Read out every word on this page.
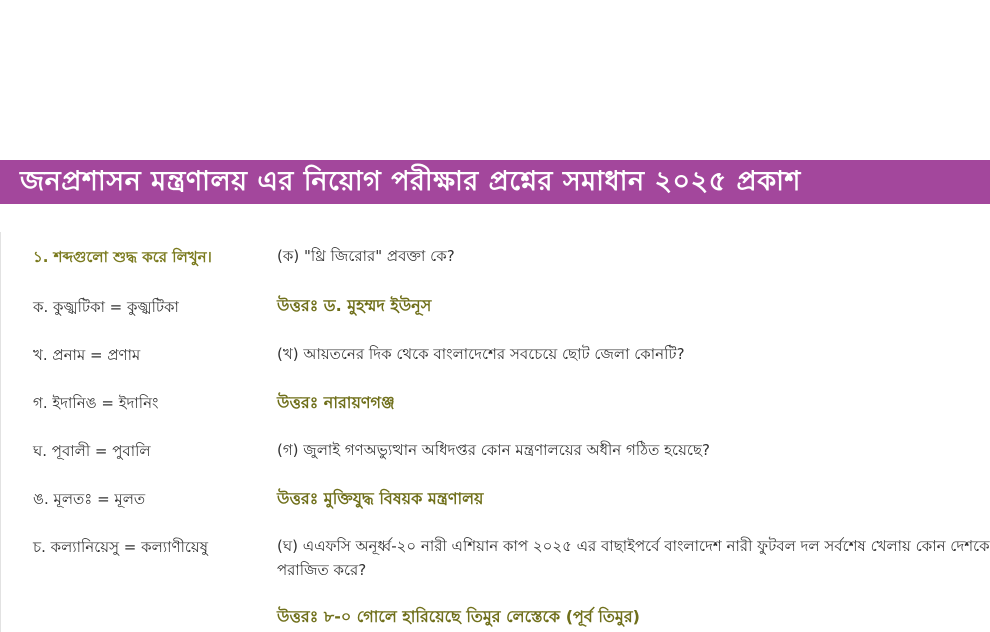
জনপ্রশাসন মন্ত্রণালয় এর নিয়োগ পরীক্ষার প্রশ্নের সমাধান ২০২৫ প্রকাশ
১. শব্দগুলো শুদ্ধ করে লিখুন।
ক. কুজ্ঝটিকা = কুজ্ঝটিকা
খ. প্রনাম = প্রণাম
গ. ইদানিঙ = ইদানিং
ঘ. পূবালী = পুবালি
ঙ. মূলতঃ = মূলত
চ. কল্যানিয়েসু = কল্যাণীয়েষু
(ক) "থ্রি জিরোর" প্রবক্তা কে?
উত্তরঃ ড. মুহম্মদ ইউনূস
(খ) আয়তনের দিক থেকে বাংলাদেশের সবচেয়ে ছোট জেলা কোনটি?
উত্তরঃ নারায়ণগঞ্জ
(গ) জুলাই গণঅভ্যুত্থান অধিদপ্তর কোন মন্ত্রণালয়ের অধীন গঠিত হয়েছে?
উত্তরঃ মুক্তিযুদ্ধ বিষয়ক মন্ত্রণালয়
(ঘ) এএফসি অনূর্ধ্ব-২০ নারী এশিয়ান কাপ ২০২৫ এর বাছাইপর্বে বাংলাদেশ নারী ফুটবল দল সর্বশেষ খেলায় কোন দেশকে পরাজিত করে?
উত্তরঃ ৮-০ গোলে হারিয়েছে তিমুর লেস্তেকে (পূর্ব তিমুর)
